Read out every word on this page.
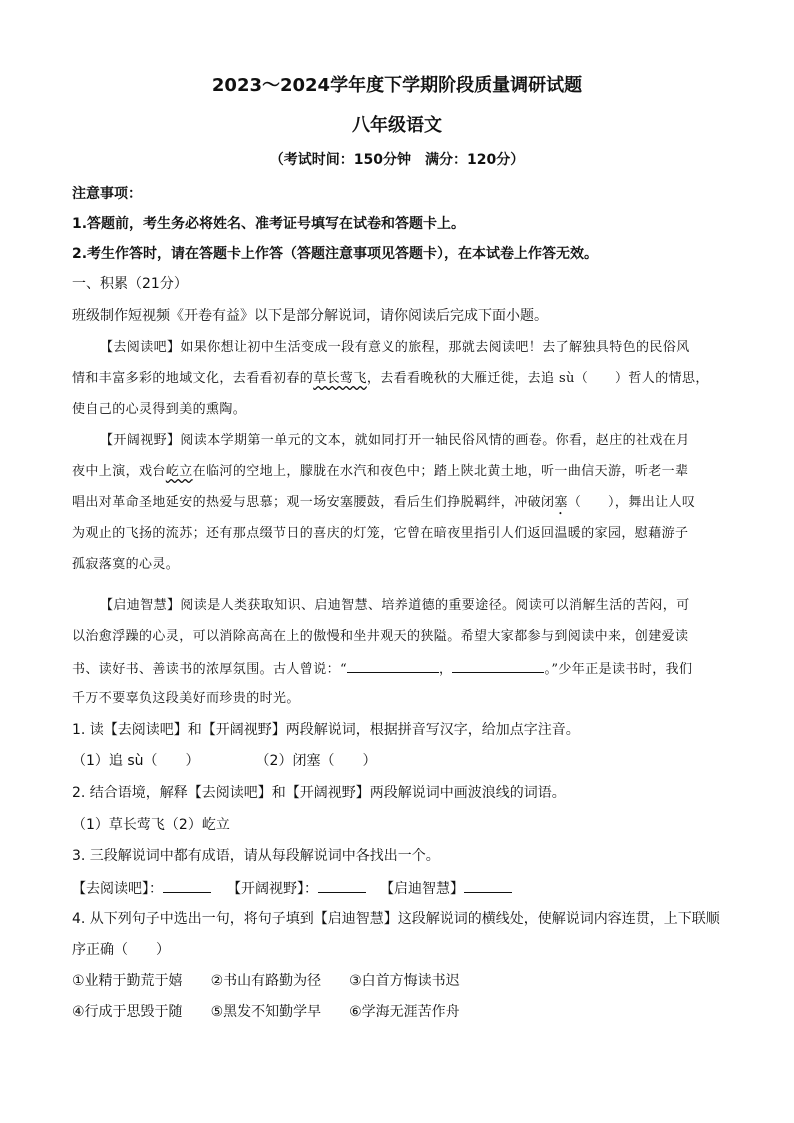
2023～2024学年度下学期阶段质量调研试题
八年级语文
（考试时间：150分钟　满分：120分）
注意事项：
1.答题前，考生务必将姓名、准考证号填写在试卷和答题卡上。
2.考生作答时，请在答题卡上作答（答题注意事项见答题卡），在本试卷上作答无效。
一、积累（21分）
班级制作短视频《开卷有益》以下是部分解说词，请你阅读后完成下面小题。
【去阅读吧】如果你想让初中生活变成一段有意义的旅程，那就去阅读吧！去了解独具特色的民俗风
情和丰富多彩的地域文化，去看看初春的草长莺飞，去看看晚秋的大雁迁徙，去追 sù（　　）哲人的情思，
使自己的心灵得到美的熏陶。
【开阔视野】阅读本学期第一单元的文本，就如同打开一轴民俗风情的画卷。你看，赵庄的社戏在月
夜中上演，戏台屹立在临河的空地上，朦胧在水汽和夜色中；踏上陕北黄土地，听一曲信天游，听老一辈
唱出对革命圣地延安的热爱与思慕；观一场安塞腰鼓，看后生们挣脱羁绊，冲破闭塞（　　），舞出让人叹
为观止的飞扬的流苏；还有那点缀节日的喜庆的灯笼，它曾在暗夜里指引人们返回温暖的家园，慰藉游子
孤寂落寞的心灵。
【启迪智慧】阅读是人类获取知识、启迪智慧、培养道德的重要途径。阅读可以消解生活的苦闷，可
以治愈浮躁的心灵，可以消除高高在上的傲慢和坐井观天的狭隘。希望大家都参与到阅读中来，创建爱读
书、读好书、善读书的浓厚氛围。古人曾说：“	，	。”少年正是读书时，我们
千万不要辜负这段美好而珍贵的时光。
1. 读【去阅读吧】和【开阔视野】两段解说词，根据拼音写汉字，给加点字注音。
（1）追 sù（　　）	（2）闭塞（　　）
2. 结合语境，解释【去阅读吧】和【开阔视野】两段解说词中画波浪线的词语。
（1）草长莺飞（2）屹立
3. 三段解说词中都有成语，请从每段解说词中各找出一个。
【去阅读吧】：	【开阔视野】：	【启迪智慧】
4. 从下列句子中选出一句，将句子填到【启迪智慧】这段解说词的横线处，使解说词内容连贯，上下联顺
序正确（　　）
①业精于勤荒于嬉 ②书山有路勤为径 ③白首方悔读书迟
④行成于思毁于随 ⑤黑发不知勤学早 ⑥学海无涯苦作舟
